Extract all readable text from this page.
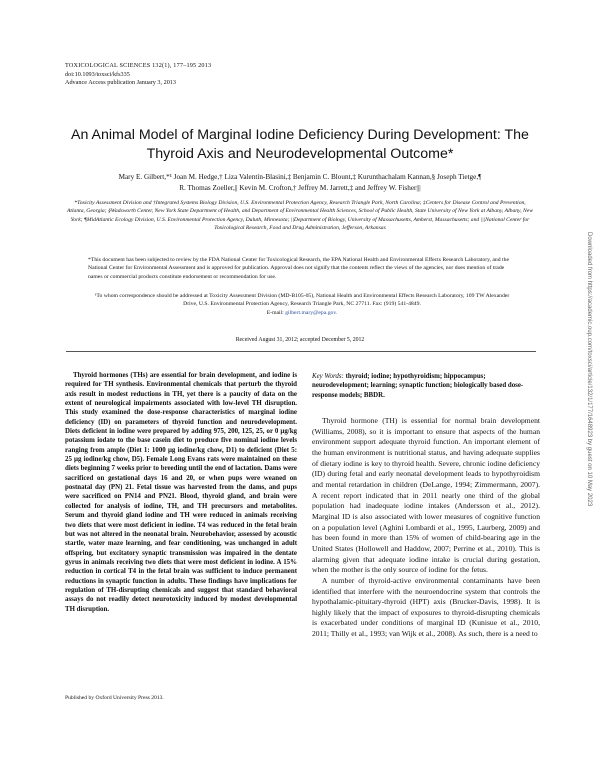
TOXICOLOGICAL SCIENCES 132(1), 177–195 2013
doi:10.1093/toxsci/kfs335
Advance Access publication January 3, 2013
An Animal Model of Marginal Iodine Deficiency During Development: The Thyroid Axis and Neurodevelopmental Outcome*
Mary E. Gilbert,*¹ Joan M. Hedge,† Liza Valentín-Blasini,‡ Benjamin C. Blount,‡ Kurunthachalam Kannan,§ Joseph Tietge,¶
R. Thomas Zoeller,|| Kevin M. Crofton,† Jeffrey M. Jarrett,‡ and Jeffrey W. Fisher|||
*Toxicity Assessment Division and †Integrated Systems Biology Division, U.S. Environmental Protection Agency, Research Triangle Park, North Carolina; ‡Centers for Disease Control and Prevention, Atlanta, Georgia; §Wadsworth Center, New York State Department of Health, and Department of Environmental Health Sciences, School of Public Health, State University of New York at Albany, Albany, New York; ¶MidAtlantic Ecology Division, U.S. Environmental Protection Agency, Duluth, Minnesota; ||Department of Biology, University of Massachusetts, Amherst, Massachusetts; and |||National Center for Toxicological Research, Food and Drug Administration, Jefferson, Arkansas
*This document has been subjected to review by the FDA National Center for Toxicological Research, the EPA National Health and Environmental Effects Research Laboratory, and the National Center for Environmental Assessment and is approved for publication. Approval does not signify that the contents reflect the views of the agencies, nor does mention of trade names or commercial products constitute endorsement or recommendation for use.
¹To whom correspondence should be addressed at Toxicity Assessment Division (MD-B105-05), National Health and Environmental Effects Research Laboratory, 109 TW Alexander Drive, U.S. Environmental Protection Agency, Research Triangle Park, NC 27711. Fax: (919) 541-4849.
E-mail: gilbert.mary@epa.gov.
Received August 31, 2012; accepted December 5, 2012
Thyroid hormones (THs) are essential for brain development, and iodine is required for TH synthesis. Environmental chemicals that perturb the thyroid axis result in modest reductions in TH, yet there is a paucity of data on the extent of neurological impairments associated with low-level TH disruption. This study examined the dose-response characteristics of marginal iodine deficiency (ID) on parameters of thyroid function and neurodevelopment. Diets deficient in iodine were prepared by adding 975, 200, 125, 25, or 0 µg/kg potassium iodate to the base casein diet to produce five nominal iodine levels ranging from ample (Diet 1: 1000 µg iodine/kg chow, D1) to deficient (Diet 5: 25 µg iodine/kg chow, D5). Female Long Evans rats were maintained on these diets beginning 7 weeks prior to breeding until the end of lactation. Dams were sacrificed on gestational days 16 and 20, or when pups were weaned on postnatal day (PN) 21. Fetal tissue was harvested from the dams, and pups were sacrificed on PN14 and PN21. Blood, thyroid gland, and brain were collected for analysis of iodine, TH, and TH precursors and metabolites. Serum and thyroid gland iodine and TH were reduced in animals receiving two diets that were most deficient in iodine. T4 was reduced in the fetal brain but was not altered in the neonatal brain. Neurobehavior, assessed by acoustic startle, water maze learning, and fear conditioning, was unchanged in adult offspring, but excitatory synaptic transmission was impaired in the dentate gyrus in animals receiving two diets that were most deficient in iodine. A 15% reduction in cortical T4 in the fetal brain was sufficient to induce permanent reductions in synaptic function in adults. These findings have implications for regulation of TH-disrupting chemicals and suggest that standard behavioral assays do not readily detect neurotoxicity induced by modest developmental TH disruption.
Key Words: thyroid; iodine; hypothyroidism; hippocampus; neurodevelopment; learning; synaptic function; biologically based dose-response models; BBDR.

Thyroid hormone (TH) is essential for normal brain development (Williams, 2008), so it is important to ensure that aspects of the human environment support adequate thyroid function. An important element of the human environment is nutritional status, and having adequate supplies of dietary iodine is key to thyroid health. Severe, chronic iodine deficiency (ID) during fetal and early neonatal development leads to hypothyroidism and mental retardation in children (DeLange, 1994; Zimmermann, 2007). A recent report indicated that in 2011 nearly one third of the global population had inadequate iodine intakes (Andersson et al., 2012). Marginal ID is also associated with lower measures of cognitive function on a population level (Aghini Lombardi et al., 1995, Laurberg, 2009) and has been found in more than 15% of women of child-bearing age in the United States (Hollowell and Haddow, 2007; Perrine et al., 2010). This is alarming given that adequate iodine intake is crucial during gestation, when the mother is the only source of iodine for the fetus.

A number of thyroid-active environmental contaminants have been identified that interfere with the neuroendocrine system that controls the hypothalamic-pituitary-thyroid (HPT) axis (Brucker-Davis, 1998). It is highly likely that the impact of exposures to thyroid-disrupting chemicals is exacerbated under conditions of marginal ID (Kunisue et al., 2010, 2011; Thilly et al., 1993; van Wijk et al., 2008). As such, there is a need to

Published by Oxford University Press 2013.
Downloaded from https://academic.oup.com/toxsci/article/132/1/177/1648923 by guest on 10 May 2023
